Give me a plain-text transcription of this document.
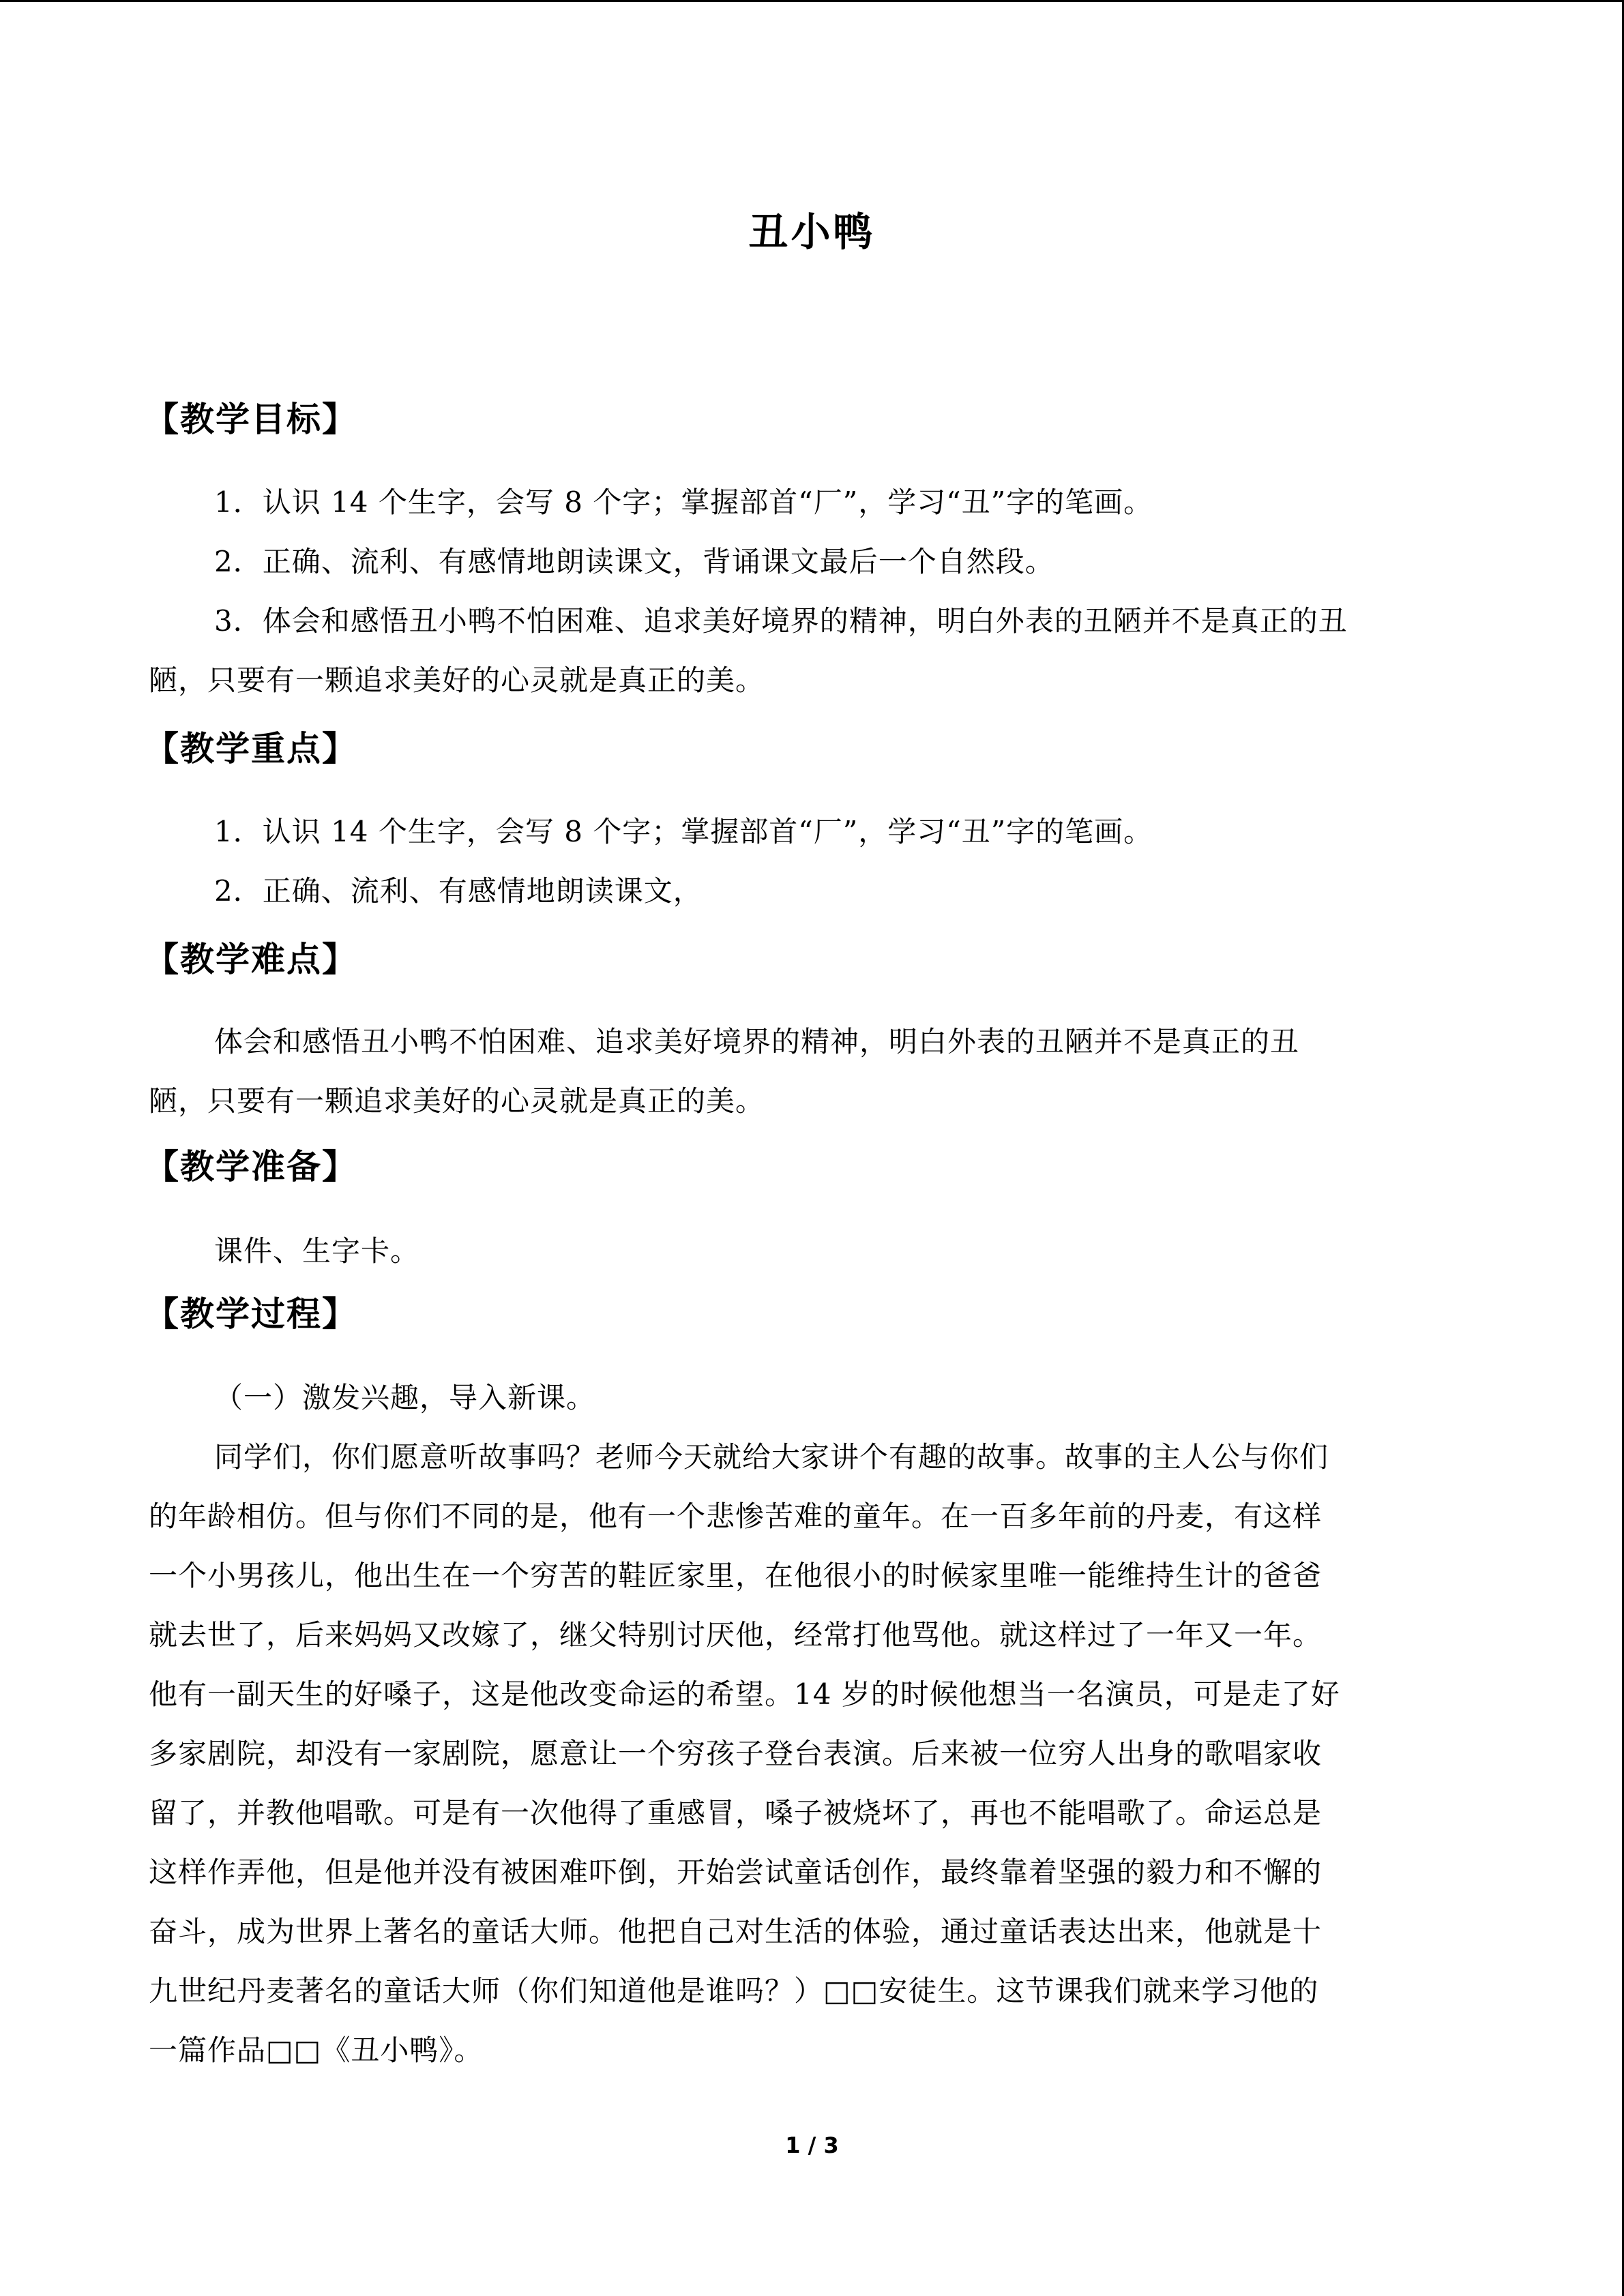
丑小鸭
【教学目标】
1．认识 14 个生字，会写 8 个字；掌握部首“厂”，学习“丑”字的笔画。
2．正确、流利、有感情地朗读课文，背诵课文最后一个自然段。
3．体会和感悟丑小鸭不怕困难、追求美好境界的精神，明白外表的丑陋并不是真正的丑
陋，只要有一颗追求美好的心灵就是真正的美。
【教学重点】
1．认识 14 个生字，会写 8 个字；掌握部首“厂”，学习“丑”字的笔画。
2．正确、流利、有感情地朗读课文，
【教学难点】
体会和感悟丑小鸭不怕困难、追求美好境界的精神，明白外表的丑陋并不是真正的丑
陋，只要有一颗追求美好的心灵就是真正的美。
【教学准备】
课件、生字卡。
【教学过程】
（一）激发兴趣，导入新课。
同学们，你们愿意听故事吗？老师今天就给大家讲个有趣的故事。故事的主人公与你们
的年龄相仿。但与你们不同的是，他有一个悲惨苦难的童年。在一百多年前的丹麦，有这样
一个小男孩儿，他出生在一个穷苦的鞋匠家里，在他很小的时候家里唯一能维持生计的爸爸
就去世了，后来妈妈又改嫁了，继父特别讨厌他，经常打他骂他。就这样过了一年又一年。
他有一副天生的好嗓子，这是他改变命运的希望。14 岁的时候他想当一名演员，可是走了好
多家剧院，却没有一家剧院，愿意让一个穷孩子登台表演。后来被一位穷人出身的歌唱家收
留了，并教他唱歌。可是有一次他得了重感冒，嗓子被烧坏了，再也不能唱歌了。命运总是
这样作弄他，但是他并没有被困难吓倒，开始尝试童话创作，最终靠着坚强的毅力和不懈的
奋斗，成为世界上著名的童话大师。他把自己对生活的体验，通过童话表达出来，他就是十
九世纪丹麦著名的童话大师（你们知道他是谁吗？）□□安徒生。这节课我们就来学习他的
一篇作品□□《丑小鸭》。
1 / 3
